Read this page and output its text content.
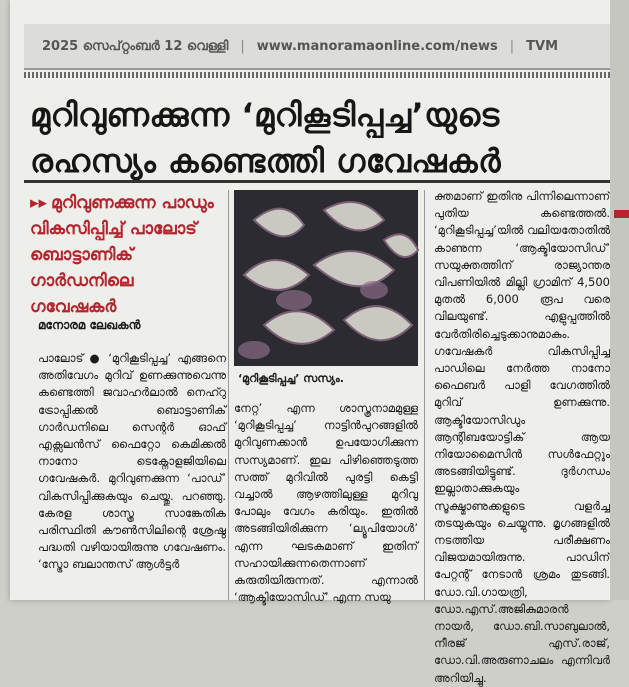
2025 സെപ്റ്റംബർ 12 വെള്ളി | www.manoramaonline.com/news | TVM
മുറിവുണക്കുന്ന ‘മുറികൂടിപ്പച്ച’യുടെ രഹസ്യം കണ്ടെത്തി ഗവേഷകർ
▸▸ മുറിവുണക്കുന്ന പാഡും വികസിപ്പിച്ച് പാലോട് ബൊട്ടാണിക് ഗാർഡനിലെ ഗവേഷകർ
മനോരമ ലേഖകൻ
പാലോട് ● ‘മുറികൂടിപ്പച്ച’ എങ്ങനെ അതിവേഗം മുറിവ് ഉണക്കുന്നുവെന്നു കണ്ടെത്തി ജവാഹർലാൽ നെഹ്റു ട്രോപ്പിക്കൽ ബൊട്ടാണിക് ഗാർഡനിലെ സെന്റർ ഓഫ് എക്സലൻസ് ഫൈറ്റോ കെമിക്കൽ നാനോ ടെക്നോളജിയിലെ ഗവേഷകർ. മുറിവുണക്കുന്ന ‘പാഡ്’ വികസിപ്പിക്കുകയും ചെയ്തു. പറഞ്ഞു. കേരള ശാസ്ത്ര സാങ്കേതിക പരിസ്ഥിതി കൗൺസിലിന്റെ ശ്രേഷ്ഠ പദ്ധതി വഴിയായിരുന്നു ഗവേഷണം. ‘സ്ട്രോ ബലാന്തസ് ആൾട്ടർ
‘മുറികൂടിപ്പച്ച’ സസ്യം.
നേറ്റ’ എന്ന ശാസ്ത്രനാമമുള്ള ‘മുറികൂടിപ്പച്ച’ നാട്ടിൻപുറങ്ങളിൽ മുറിവുണക്കാൻ ഉപയോഗിക്കുന്ന സസ്യമാണ്. ഇല പിഴിഞ്ഞെടുത്ത സത്ത് മുറിവിൽ പുരട്ടി കെട്ടി വച്ചാൽ ആഴത്തിലുള്ള മുറിവു പോലും വേഗം കരിയും. ഇതിൽ അടങ്ങിയിരിക്കുന്ന ‘ല്യൂപിയോൾ’ എന്ന ഘടകമാണ് ഇതിന് സഹായിക്കുന്നതെന്നാണ് കരുതിയിരുന്നത്. എന്നാൽ ‘ആക്ടിയോസിഡ്’ എന്ന സയു
ക്തമാണ് ഇതിനു പിന്നിലെന്നാണ് പുതിയ കണ്ടെത്തൽ. ‘മുറികൂടിപ്പച്ച’യിൽ വലിയതോതിൽ കാണുന്ന ‘ആക്ടിയോസിഡ്’ സയുക്തത്തിന് രാജ്യാന്തര വിപണിയിൽ മില്ലി ഗ്രാമിന് 4,500 മുതൽ 6,000 രൂപ വരെ വിലയുണ്ട്. എളുപ്പത്തിൽ വേർതിരിച്ചെടുക്കാനുമാകും. ഗവേഷകർ വികസിപ്പിച്ച പാഡിലെ നേർത്ത നാനോ ഫൈബർ പാളി വേഗത്തിൽ മുറിവ് ഉണക്കുന്നു. ആക്ടിയോസിഡും ആന്റിബയോട്ടിക് ആയ നിയോമൈസിൻ സൾഫേറ്റും അടങ്ങിയിട്ടുണ്ട്. ദുർഗന്ധം ഇല്ലാതാക്കുകയും സൂക്ഷ്മാണുക്കളുടെ വളർച്ച തടയുകയും ചെയ്യുന്നു. മൃഗങ്ങളിൽ നടത്തിയ പരീക്ഷണം വിജയമായിരുന്നു. പാഡിന് പേറ്റന്റ് നേടാൻ ശ്രമം തുടങ്ങി. ഡോ.വി.ഗായത്രി, ഡോ.എസ്.അജികുമാരൻ നായർ, ഡോ.ബി.സാബുലാൽ, നീരജ് എസ്.രാജ്, ഡോ.വി.അരുണാചലം എന്നിവർ അറിയിച്ചു.
